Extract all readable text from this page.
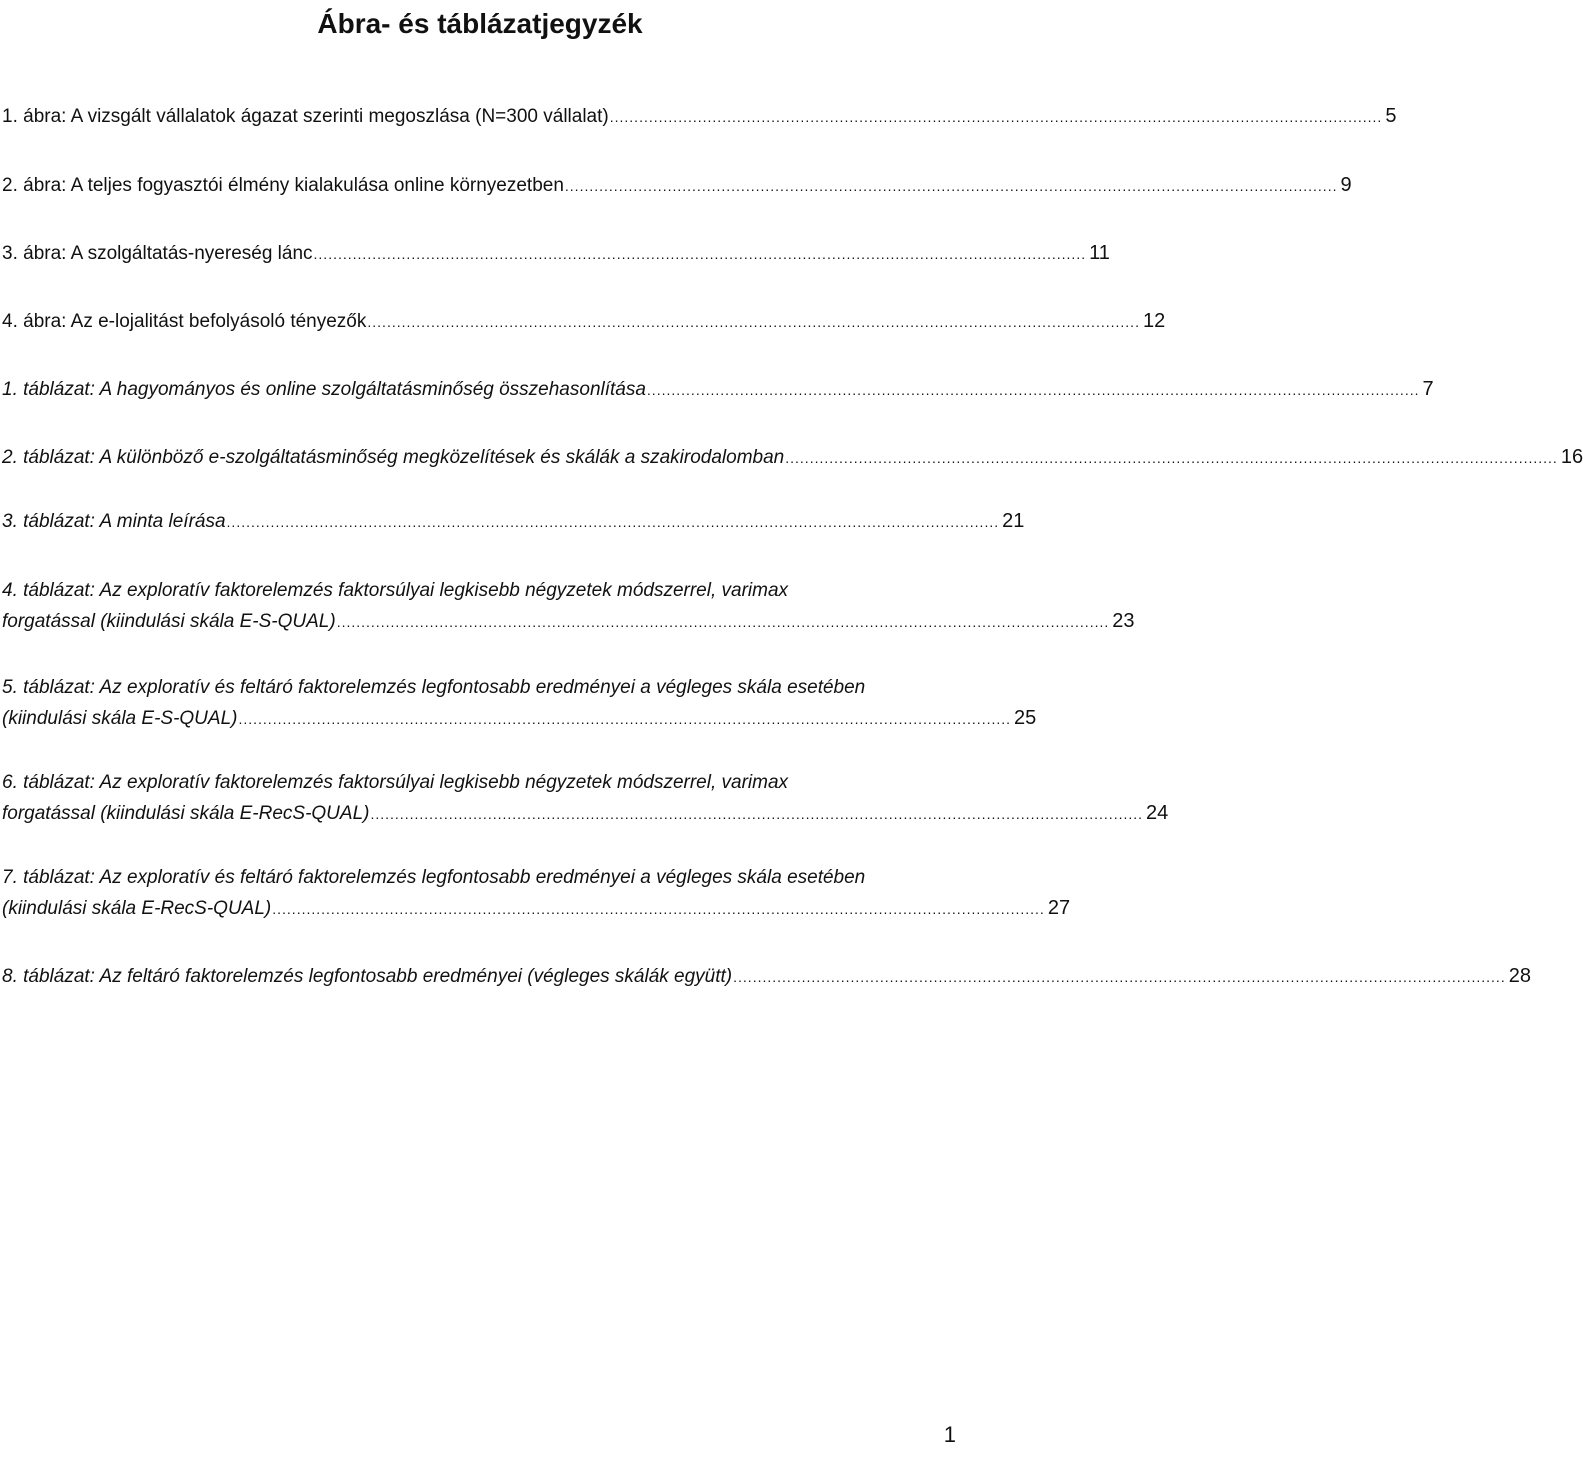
Ábra- és táblázatjegyzék
1. ábra: A vizsgált vállalatok ágazat szerinti megoszlása (N=300 vállalat) .............................................................................................................................................................. 5
2. ábra: A teljes fogyasztói élmény kialakulása online környezetben .............................................................................................................................................................. 9
3. ábra: A szolgáltatás-nyereség lánc .............................................................................................................................................................. 11
4. ábra: Az e-lojalitást befolyásoló tényezők .............................................................................................................................................................. 12
1. táblázat: A hagyományos és online szolgáltatásminőség összehasonlítása .............................................................................................................................................................. 7
2. táblázat: A különböző e-szolgáltatásminőség megközelítések és skálák a szakirodalomban .............................................................................................................................................................. 16
3. táblázat: A minta leírása .............................................................................................................................................................. 21
4. táblázat: Az exploratív faktorelemzés faktorsúlyai legkisebb négyzetek módszerrel, varimax
forgatással (kiindulási skála E-S-QUAL) .............................................................................................................................................................. 23
5. táblázat: Az exploratív és feltáró faktorelemzés legfontosabb eredményei a végleges skála esetében
(kiindulási skála E-S-QUAL) .............................................................................................................................................................. 25
6. táblázat: Az exploratív faktorelemzés faktorsúlyai legkisebb négyzetek módszerrel, varimax
forgatással (kiindulási skála E-RecS-QUAL) .............................................................................................................................................................. 24
7. táblázat: Az exploratív és feltáró faktorelemzés legfontosabb eredményei a végleges skála esetében
(kiindulási skála E-RecS-QUAL) .............................................................................................................................................................. 27
8. táblázat: Az feltáró faktorelemzés legfontosabb eredményei (végleges skálák együtt) .............................................................................................................................................................. 28
1
